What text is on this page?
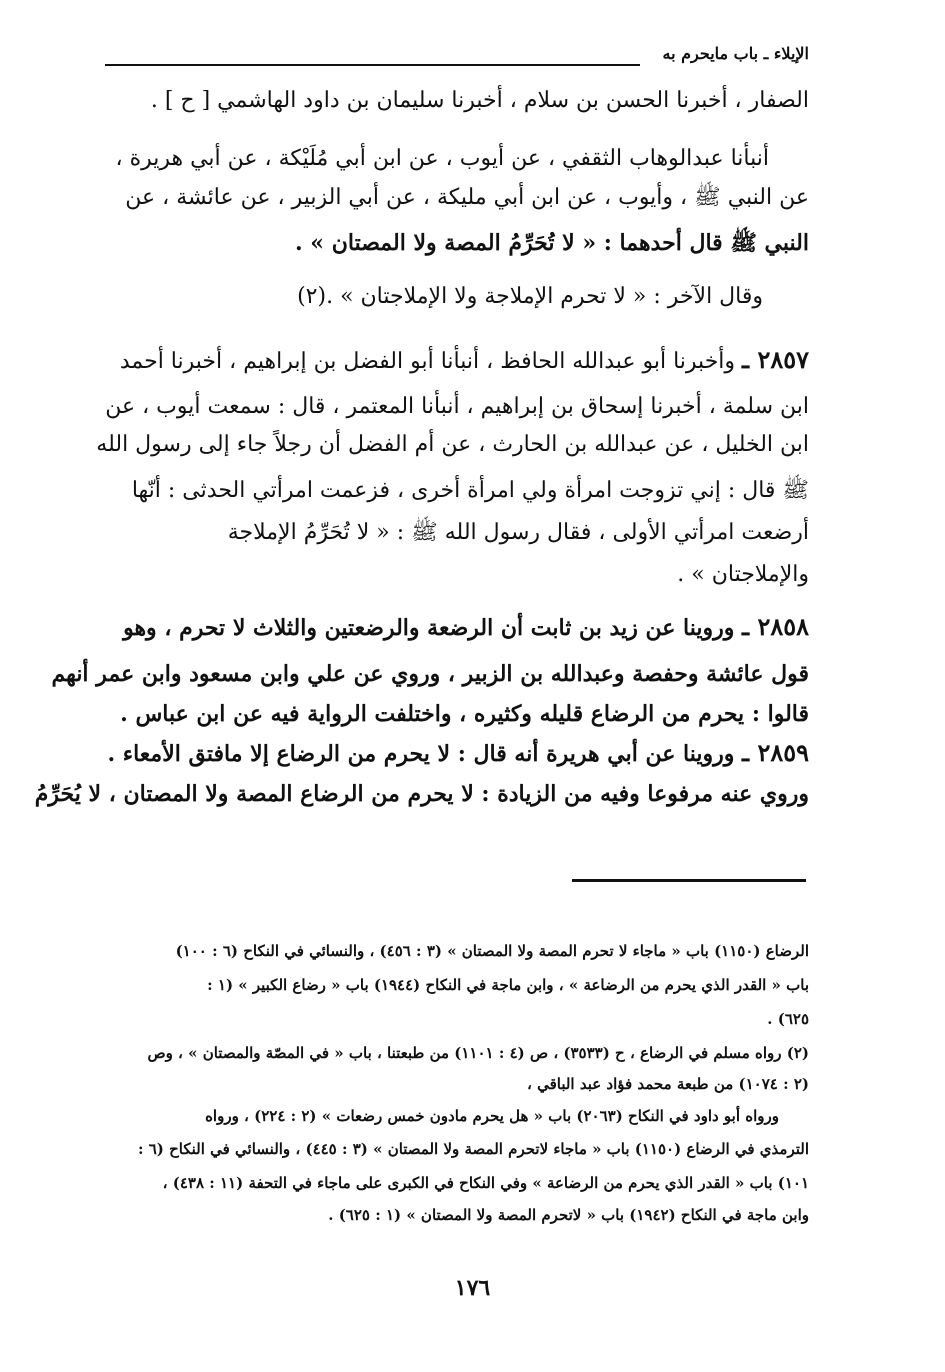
الإيلاء ـ باب مايحرم به
الصفار ، أخبرنا الحسن بن سلام ، أخبرنا سليمان بن داود الهاشمي [ ح ] .
أنبأنا عبدالوهاب الثقفي ، عن أيوب ، عن ابن أبي مُلَيْكة ، عن أبي هريرة ،
عن النبي ﷺ ، وأيوب ، عن ابن أبي مليكة ، عن أبي الزبير ، عن عائشة ، عن
النبي ﷺ قال أحدهما : « لا تُحَرِّمُ المصة ولا المصتان » .
وقال الآخر : « لا تحرم الإملاجة ولا الإملاجتان » .(٢)
٢٨٥٧ ـ وأخبرنا أبو عبدالله الحافظ ، أنبأنا أبو الفضل بن إبراهيم ، أخبرنا أحمد
ابن سلمة ، أخبرنا إسحاق بن إبراهيم ، أنبأنا المعتمر ، قال : سمعت أيوب ، عن
ابن الخليل ، عن عبدالله بن الحارث ، عن أم الفضل أن رجلاً جاء إلى رسول الله
ﷺ قال : إني تزوجت امرأة ولي امرأة أخرى ، فزعمت امرأتي الحدثى : أنّها
أرضعت امرأتي الأولى ، فقال رسول الله ﷺ : « لا تُحَرِّمُ الإملاجة
والإملاجتان » .
٢٨٥٨ ـ وروينا عن زيد بن ثابت أن الرضعة والرضعتين والثلاث لا تحرم ، وهو
قول عائشة وحفصة وعبدالله بن الزبير ، وروي عن علي وابن مسعود وابن عمر أنهم
قالوا : يحرم من الرضاع قليله وكثيره ، واختلفت الرواية فيه عن ابن عباس .
٢٨٥٩ ـ وروينا عن أبي هريرة أنه قال : لا يحرم من الرضاع إلا مافتق الأمعاء .
وروي عنه مرفوعا وفيه من الزيادة : لا يحرم من الرضاع المصة ولا المصتان ، لا يُحَرِّمُ
الرضاع (١١٥٠) باب « ماجاء لا تحرم المصة ولا المصتان » (٣ : ٤٥٦) ، والنسائي في النكاح (٦ : ١٠٠)
باب « القدر الذي يحرم من الرضاعة » ، وابن ماجة في النكاح (١٩٤٤) باب « رضاع الكبير » (١ :
٦٢٥) .
(٢) رواه مسلم في الرضاع ، ح (٣٥٣٣) ، ص (٤ : ١١٠١) من طبعتنا ، باب « في المصّة والمصتان » ، وص
(٢ : ١٠٧٤) من طبعة محمد فؤاد عبد الباقي ،
ورواه أبو داود في النكاح (٢٠٦٣) باب « هل يحرم مادون خمس رضعات » (٢ : ٢٢٤) ، ورواه
الترمذي في الرضاع (١١٥٠) باب « ماجاء لاتحرم المصة ولا المصتان » (٣ : ٤٤٥) ، والنسائي في النكاح (٦ :
١٠١) باب « القدر الذي يحرم من الرضاعة » وفي النكاح في الكبرى على ماجاء في التحفة (١١ : ٤٣٨) ،
وابن ماجة في النكاح (١٩٤٢) باب « لاتحرم المصة ولا المصتان » (١ : ٦٢٥) .
١٧٦
